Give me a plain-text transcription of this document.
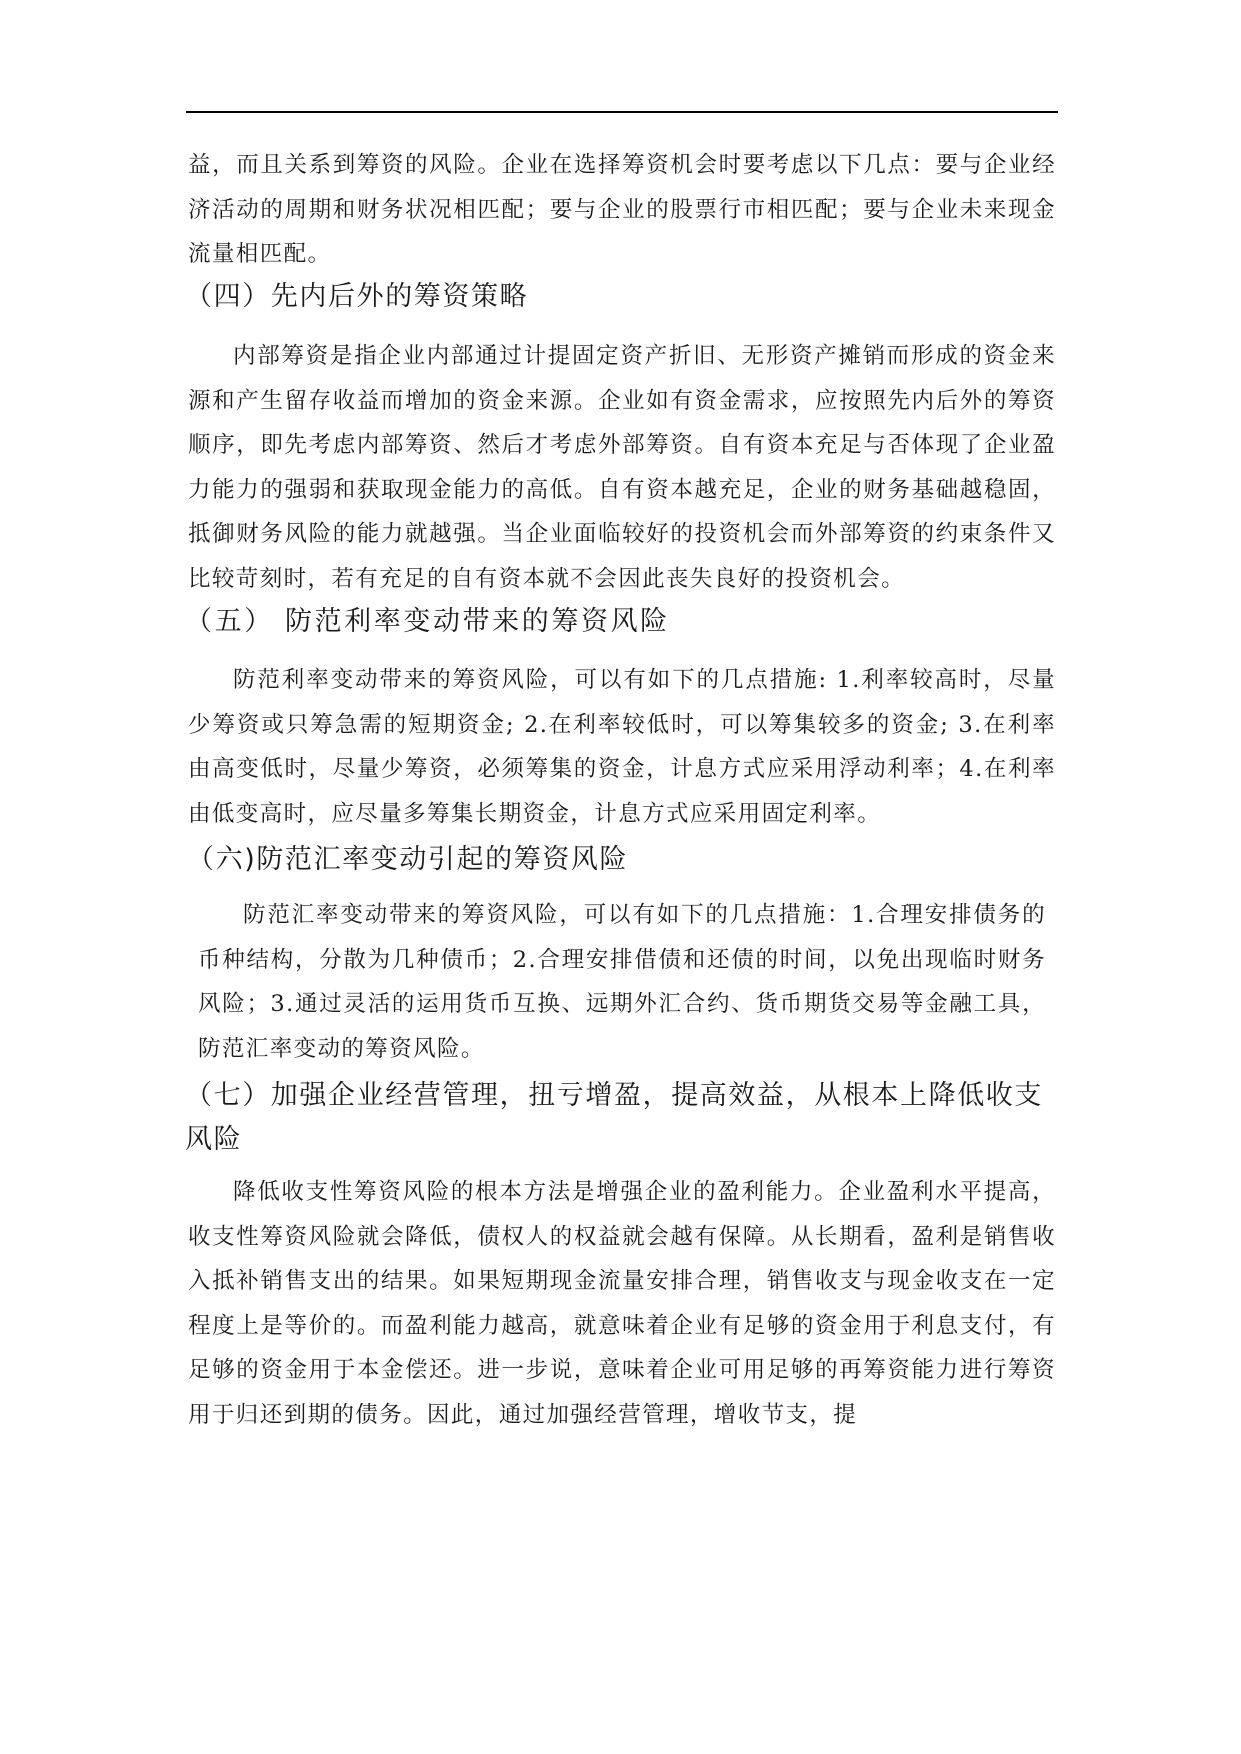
益，而且关系到筹资的风险。企业在选择筹资机会时要考虑以下几点：要与企业经济活动的周期和财务状况相匹配；要与企业的股票行市相匹配；要与企业未来现金流量相匹配。

（四）先内后外的筹资策略

内部筹资是指企业内部通过计提固定资产折旧、无形资产摊销而形成的资金来源和产生留存收益而增加的资金来源。企业如有资金需求，应按照先内后外的筹资顺序，即先考虑内部筹资、然后才考虑外部筹资。自有资本充足与否体现了企业盈力能力的强弱和获取现金能力的高低。自有资本越充足，企业的财务基础越稳固，抵御财务风险的能力就越强。当企业面临较好的投资机会而外部筹资的约束条件又比较苛刻时，若有充足的自有资本就不会因此丧失良好的投资机会。

（五） 防范利率变动带来的筹资风险

防范利率变动带来的筹资风险，可以有如下的几点措施: 1.利率较高时，尽量少筹资或只筹急需的短期资金; 2.在利率较低时，可以筹集较多的资金; 3.在利率由高变低时，尽量少筹资，必须筹集的资金，计息方式应采用浮动利率；4.在利率由低变高时，应尽量多筹集长期资金，计息方式应采用固定利率。

（六)防范汇率变动引起的筹资风险

防范汇率变动带来的筹资风险，可以有如下的几点措施：1.合理安排债务的币种结构，分散为几种债币；2.合理安排借债和还债的时间，以免出现临时财务风险；3.通过灵活的运用货币互换、远期外汇合约、货币期货交易等金融工具，防范汇率变动的筹资风险。

（七）加强企业经营管理，扭亏增盈，提高效益，从根本上降低收支风险

降低收支性筹资风险的根本方法是增强企业的盈利能力。企业盈利水平提高，收支性筹资风险就会降低，债权人的权益就会越有保障。从长期看，盈利是销售收入抵补销售支出的结果。如果短期现金流量安排合理，销售收支与现金收支在一定程度上是等价的。而盈利能力越高，就意味着企业有足够的资金用于利息支付，有足够的资金用于本金偿还。进一步说，意味着企业可用足够的再筹资能力进行筹资用于归还到期的债务。因此，通过加强经营管理，增收节支，提
